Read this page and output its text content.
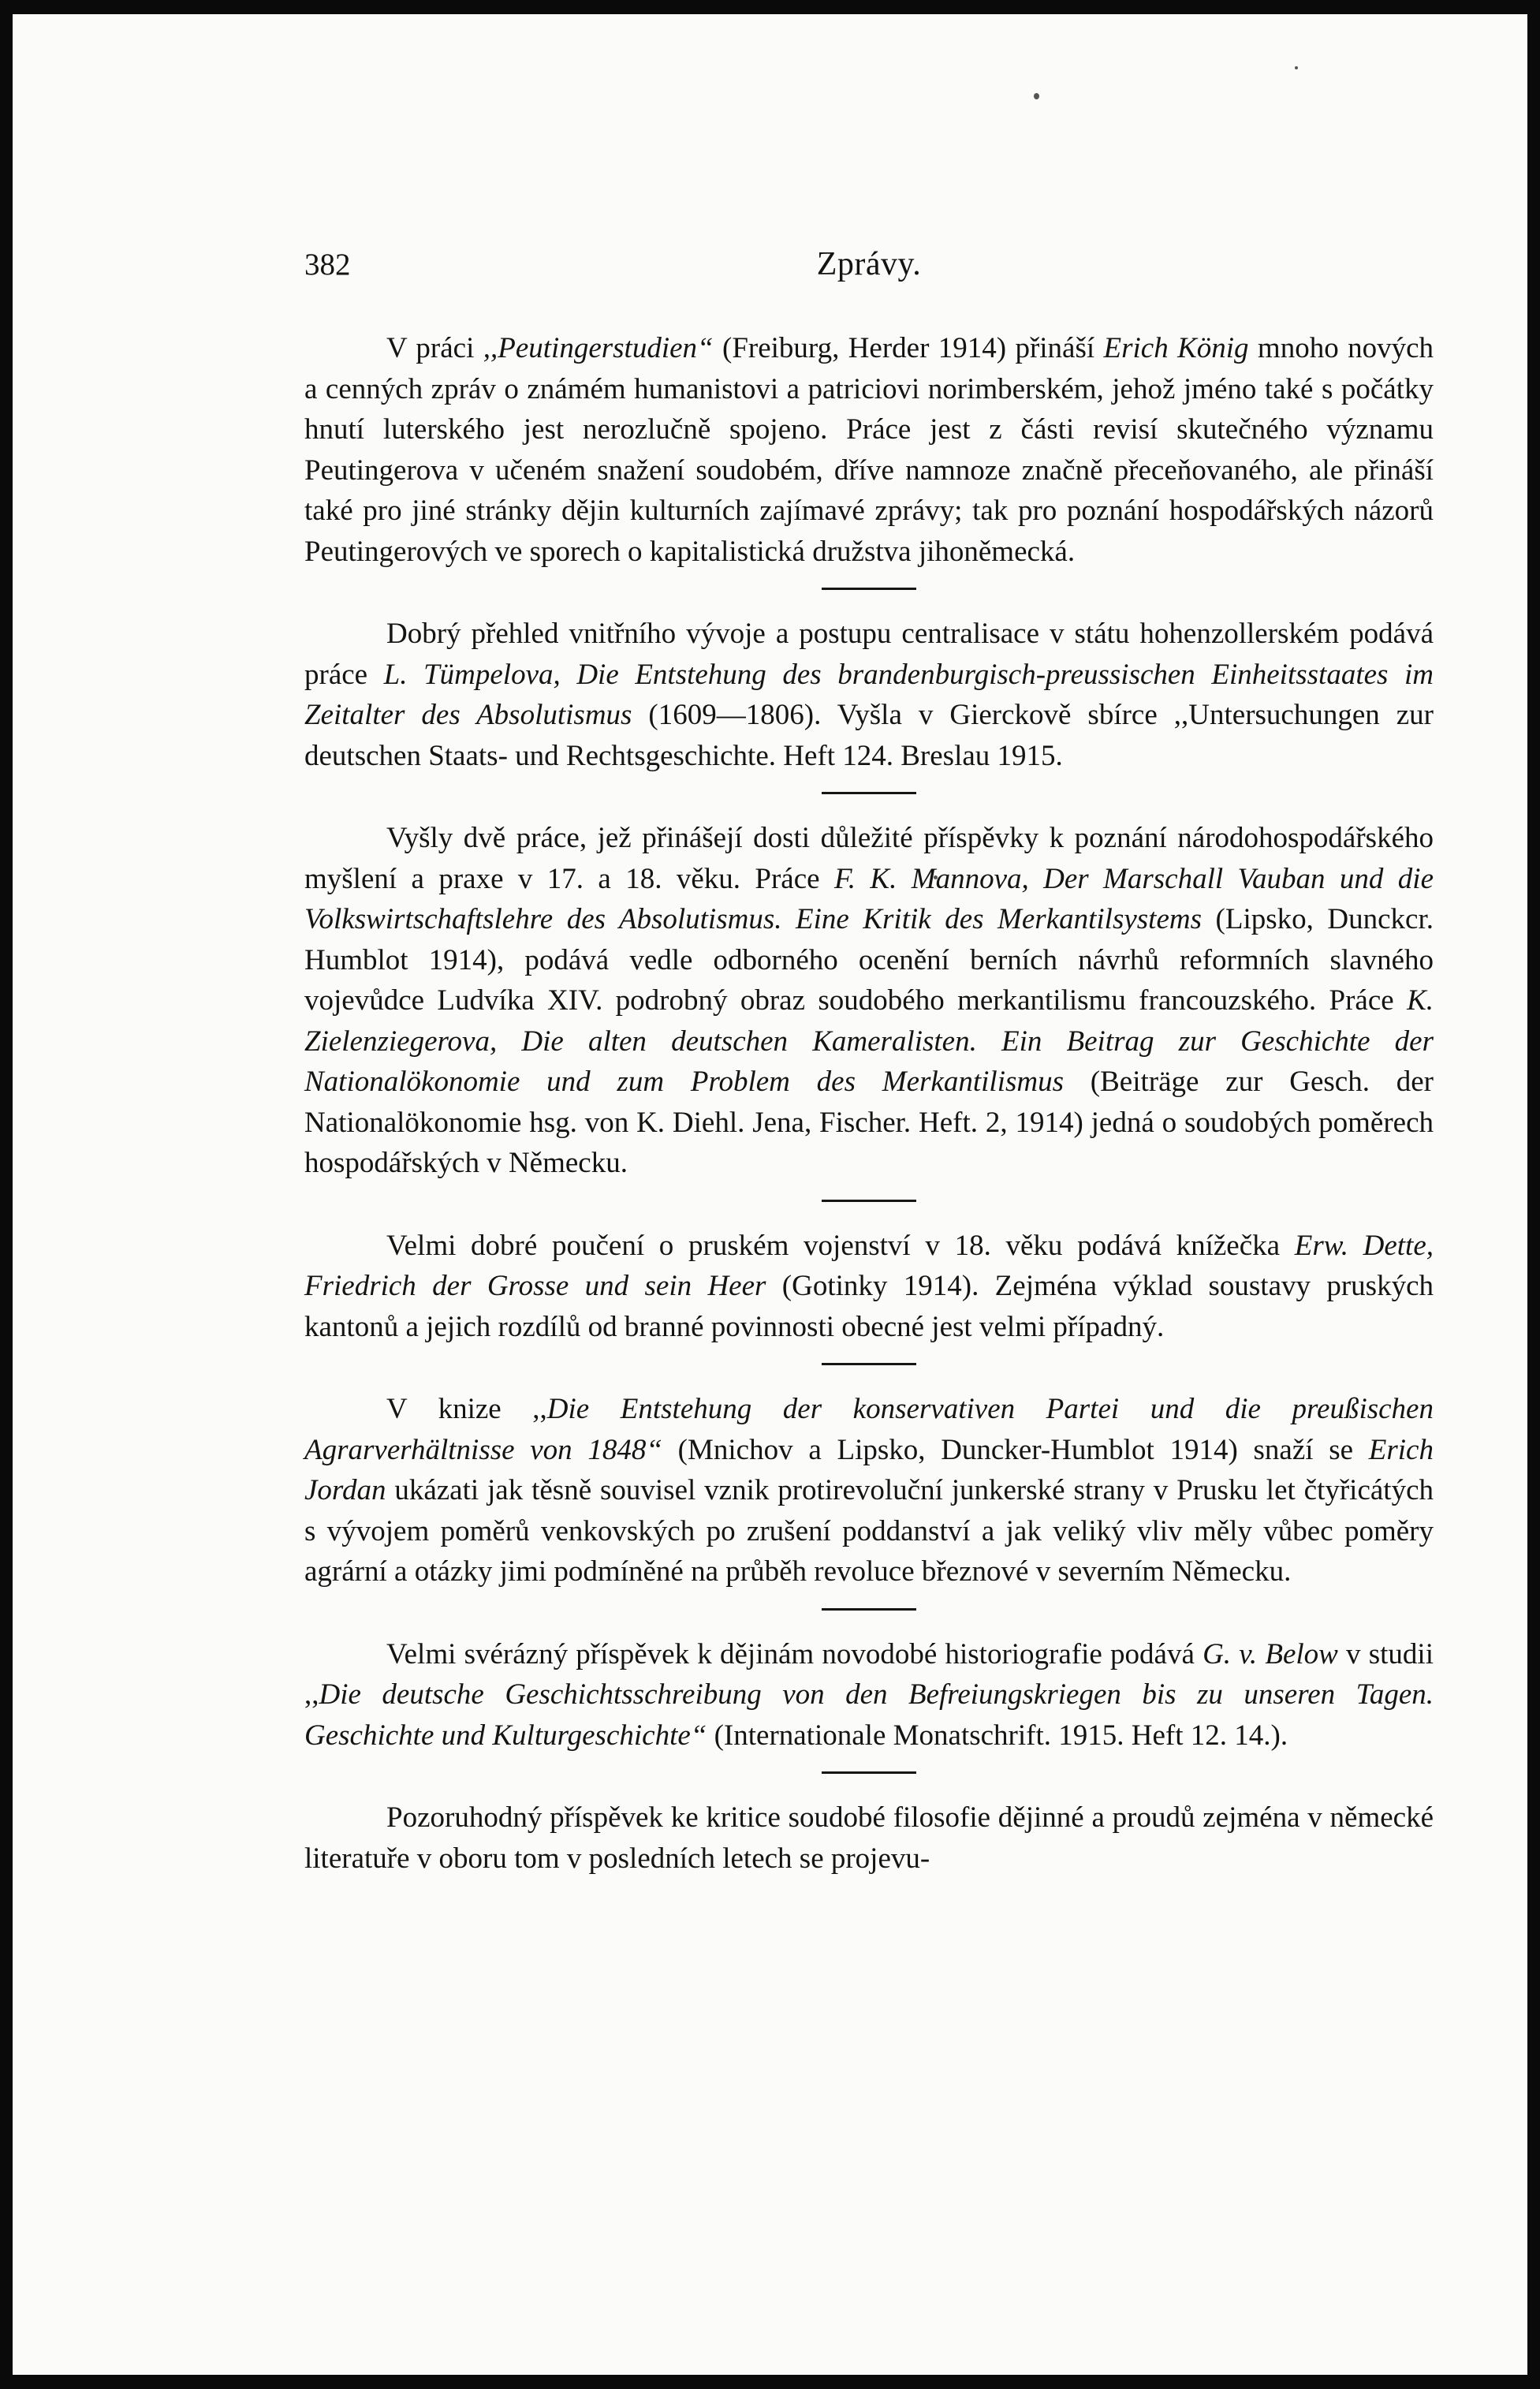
382	Zprávy.

V práci ,,Peutingerstudien“ (Freiburg, Herder 1914) přináší Erich König mnoho nových a cenných zpráv o známém humanistovi a patriciovi norimberském, jehož jméno také s počátky hnutí luterského jest nerozlučně spojeno. Práce jest z části revisí skutečného významu Peutingerova v učeném snažení soudobém, dříve namnoze značně přeceňovaného, ale přináší také pro jiné stránky dějin kulturních zajímavé zprávy; tak pro poznání hospodářských názorů Peutingerových ve sporech o kapitalistická družstva jihoněmecká.

Dobrý přehled vnitřního vývoje a postupu centralisace v státu hohenzollerském podává práce L. Tümpelova, Die Entstehung des brandenburgisch-preussischen Einheitsstaates im Zeitalter des Absolutismus (1609—1806). Vyšla v Gierckově sbírce ,,Untersuchungen zur deutschen Staats- und Rechtsgeschichte. Heft 124. Breslau 1915.

Vyšly dvě práce, jež přinášejí dosti důležité příspěvky k poznání národohospodářského myšlení a praxe v 17. a 18. věku. Práce F. K. Mannova, Der Marschall Vauban und die Volkswirtschaftslehre des Absolutismus. Eine Kritik des Merkantilsystems (Lipsko, Dunckcr. Humblot 1914), podává vedle odborného ocenění berních návrhů reformních slavného vojevůdce Ludvíka XIV. podrobný obraz soudobého merkantilismu francouzského. Práce K. Zielenziegerova, Die alten deutschen Kameralisten. Ein Beitrag zur Geschichte der Nationalökonomie und zum Problem des Merkantilismus (Beiträge zur Gesch. der Nationalökonomie hsg. von K. Diehl. Jena, Fischer. Heft. 2, 1914) jedná o soudobých poměrech hospodářských v Německu.

Velmi dobré poučení o pruském vojenství v 18. věku podává knížečka Erw. Dette, Friedrich der Grosse und sein Heer (Gotinky 1914). Zejména výklad soustavy pruských kantonů a jejich rozdílů od branné povinnosti obecné jest velmi případný.

V knize ,,Die Entstehung der konservativen Partei und die preußischen Agrarverhältnisse von 1848“ (Mnichov a Lipsko, Duncker-Humblot 1914) snaží se Erich Jordan ukázati jak těsně souvisel vznik protirevoluční junkerské strany v Prusku let čtyřicátých s vývojem poměrů venkovských po zrušení poddanství a jak veliký vliv měly vůbec poměry agrární a otázky jimi podmíněné na průběh revoluce březnové v severním Německu.

Velmi svérázný příspěvek k dějinám novodobé historiografie podává G. v. Below v studii ,,Die deutsche Geschichtsschreibung von den Befreiungskriegen bis zu unseren Tagen. Geschichte und Kulturgeschichte“ (Internationale Monatschrift. 1915. Heft 12. 14.).

Pozoruhodný příspěvek ke kritice soudobé filosofie dějinné a proudů zejména v německé literatuře v oboru tom v posledních letech se projevu-
